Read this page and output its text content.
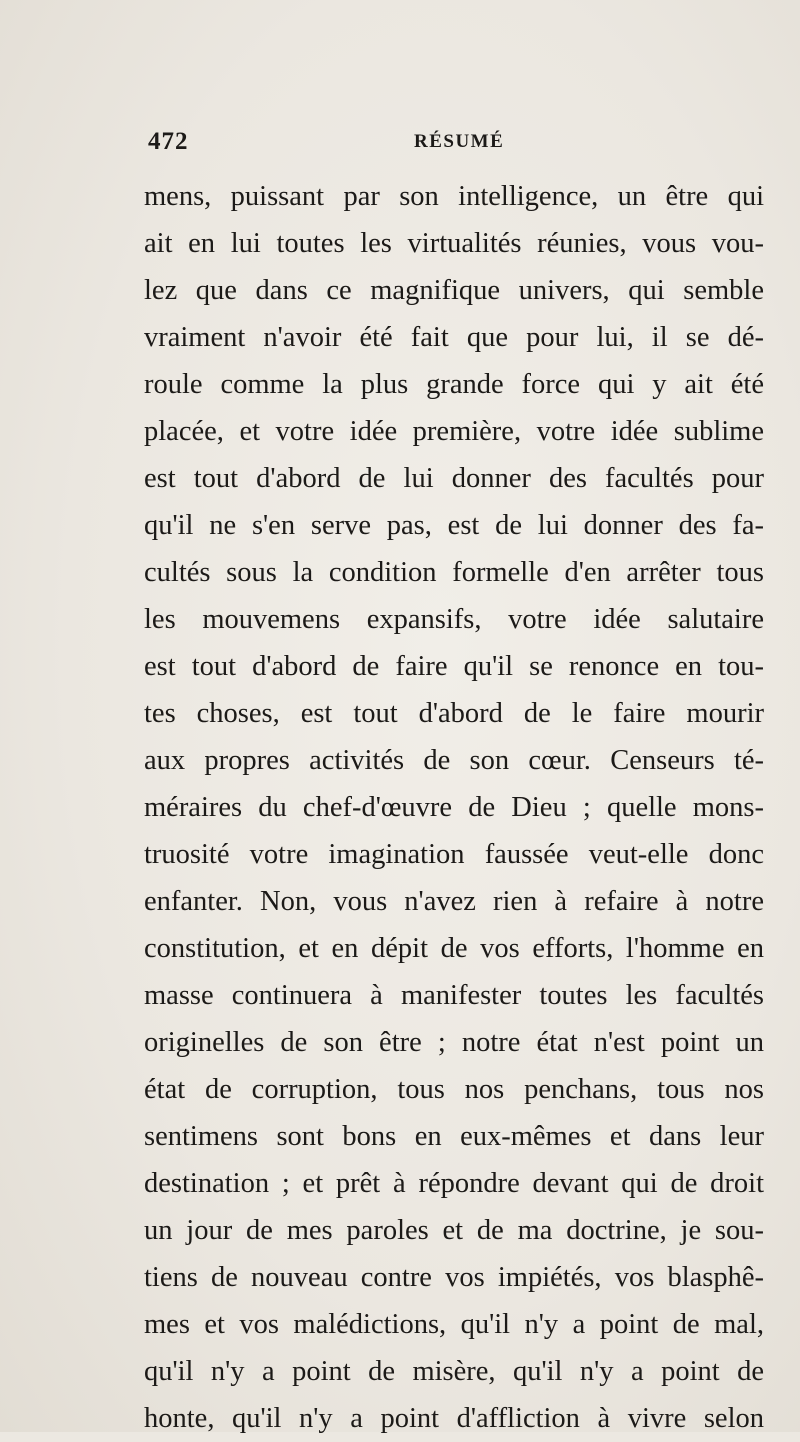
472	RÉSUMÉ
mens, puissant par son intelligence, un être qui
ait en lui toutes les virtualités réunies, vous vou-
lez que dans ce magnifique univers, qui semble
vraiment n'avoir été fait que pour lui, il se dé-
roule comme la plus grande force qui y ait été
placée, et votre idée première, votre idée sublime
est tout d'abord de lui donner des facultés pour
qu'il ne s'en serve pas, est de lui donner des fa-
cultés sous la condition formelle d'en arrêter tous
les mouvemens expansifs, votre idée salutaire
est tout d'abord de faire qu'il se renonce en tou-
tes choses, est tout d'abord de le faire mourir
aux propres activités de son cœur. Censeurs té-
méraires du chef-d'œuvre de Dieu ; quelle mons-
truosité votre imagination faussée veut-elle donc
enfanter. Non, vous n'avez rien à refaire à notre
constitution, et en dépit de vos efforts, l'homme en
masse continuera à manifester toutes les facultés
originelles de son être ; notre état n'est point un
état de corruption, tous nos penchans, tous nos
sentimens sont bons en eux-mêmes et dans leur
destination ; et prêt à répondre devant qui de droit
un jour de mes paroles et de ma doctrine, je sou-
tiens de nouveau contre vos impiétés, vos blasphê-
mes et vos malédictions, qu'il n'y a point de mal,
qu'il n'y a point de misère, qu'il n'y a point de
honte, qu'il n'y a point d'affliction à vivre selon
